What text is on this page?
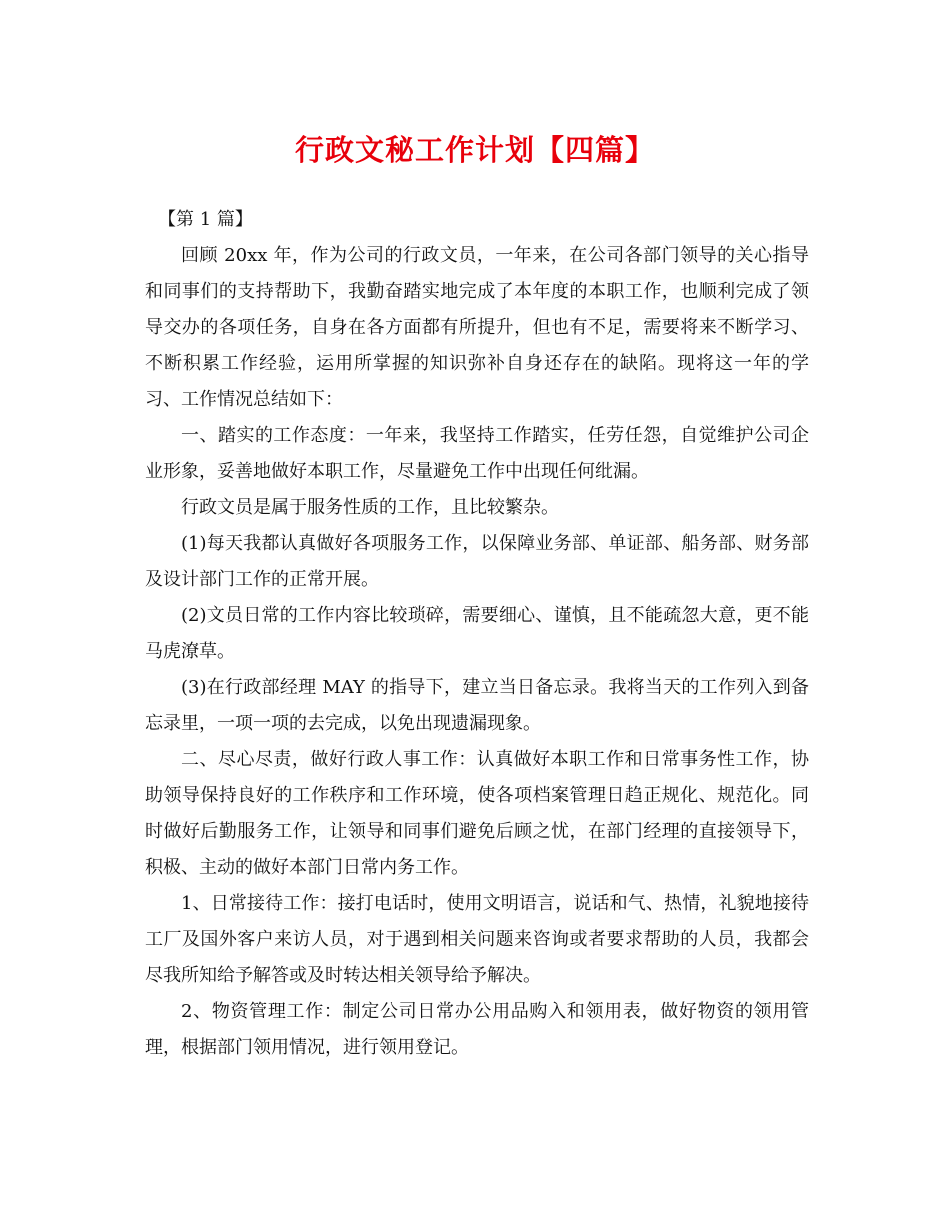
行政文秘工作计划【四篇】

【第 1 篇】

回顾 20xx 年，作为公司的行政文员，一年来，在公司各部门领导的关心指导和同事们的支持帮助下，我勤奋踏实地完成了本年度的本职工作，也顺利完成了领导交办的各项任务，自身在各方面都有所提升，但也有不足，需要将来不断学习、不断积累工作经验，运用所掌握的知识弥补自身还存在的缺陷。现将这一年的学习、工作情况总结如下：

一、踏实的工作态度：一年来，我坚持工作踏实，任劳任怨，自觉维护公司企业形象，妥善地做好本职工作，尽量避免工作中出现任何纰漏。

行政文员是属于服务性质的工作，且比较繁杂。

(1)每天我都认真做好各项服务工作，以保障业务部、单证部、船务部、财务部及设计部门工作的正常开展。

(2)文员日常的工作内容比较琐碎，需要细心、谨慎，且不能疏忽大意，更不能马虎潦草。

(3)在行政部经理 MAY 的指导下，建立当日备忘录。我将当天的工作列入到备忘录里，一项一项的去完成，以免出现遗漏现象。

二、尽心尽责，做好行政人事工作：认真做好本职工作和日常事务性工作，协助领导保持良好的工作秩序和工作环境，使各项档案管理日趋正规化、规范化。同时做好后勤服务工作，让领导和同事们避免后顾之忧，在部门经理的直接领导下，积极、主动的做好本部门日常内务工作。

1、日常接待工作：接打电话时，使用文明语言，说话和气、热情，礼貌地接待工厂及国外客户来访人员，对于遇到相关问题来咨询或者要求帮助的人员，我都会尽我所知给予解答或及时转达相关领导给予解决。

2、物资管理工作：制定公司日常办公用品购入和领用表，做好物资的领用管理，根据部门领用情况，进行领用登记。
